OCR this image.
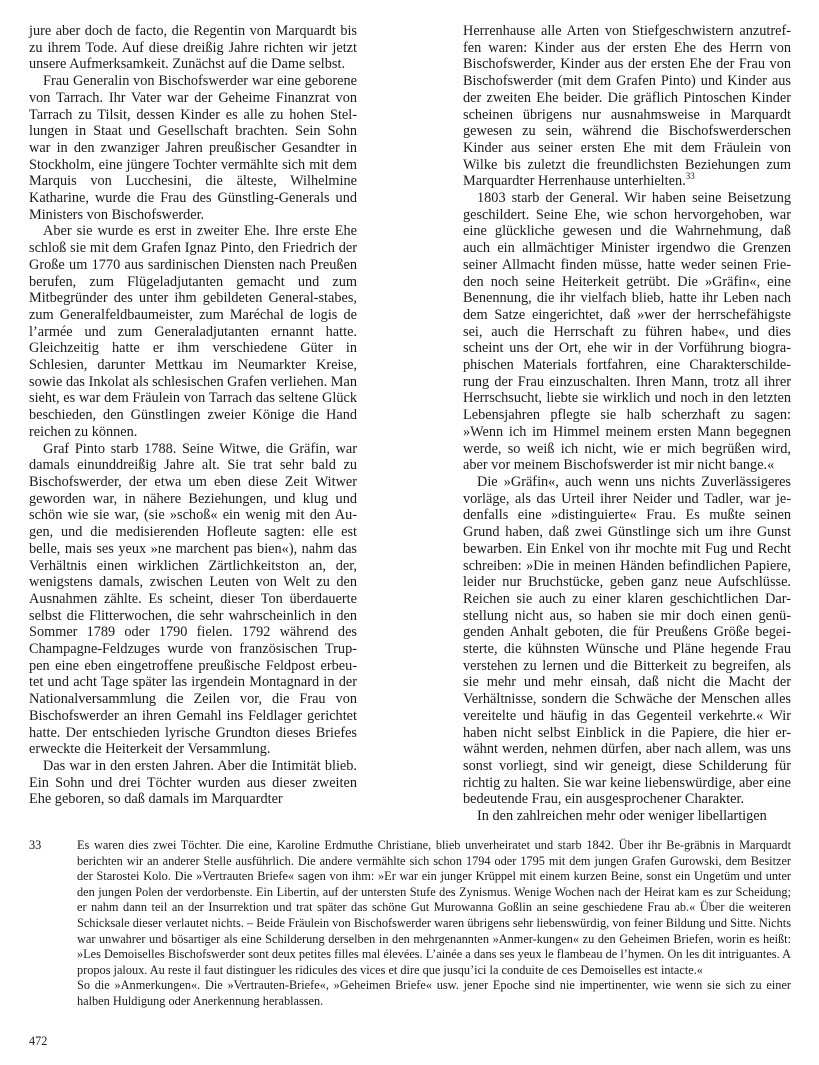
jure aber doch de facto, die Regentin von Marquardt bis zu ihrem Tode. Auf diese dreißig Jahre richten wir jetzt unsere Aufmerksamkeit. Zunächst auf die Dame selbst.

Frau Generalin von Bischofswerder war eine geborene von Tarrach. Ihr Vater war der Geheime Finanzrat von Tarrach zu Tilsit, dessen Kinder es alle zu hohen Stel-lungen in Staat und Gesellschaft brachten. Sein Sohn war in den zwanziger Jahren preußischer Gesandter in Stockholm, eine jüngere Tochter vermählte sich mit dem Marquis von Lucchesini, die älteste, Wilhelmine Katharine, wurde die Frau des Günstling-Generals und Ministers von Bischofswerder.

Aber sie wurde es erst in zweiter Ehe. Ihre erste Ehe schloß sie mit dem Grafen Ignaz Pinto, den Friedrich der Große um 1770 aus sardinischen Diensten nach Preußen berufen, zum Flügeladjutanten gemacht und zum Mitbegründer des unter ihm gebildeten General-stabes, zum Generalfeldbaumeister, zum Maréchal de logis de l’armée und zum Generaladjutanten ernannt hatte. Gleichzeitig hatte er ihm verschiedene Güter in Schlesien, darunter Mettkau im Neumarkter Kreise, sowie das Inkolat als schlesischen Grafen verliehen. Man sieht, es war dem Fräulein von Tarrach das seltene Glück beschieden, den Günstlingen zweier Könige die Hand reichen zu können.

Graf Pinto starb 1788. Seine Witwe, die Gräfin, war damals einunddreißig Jahre alt. Sie trat sehr bald zu Bischofswerder, der etwa um eben diese Zeit Witwer geworden war, in nähere Beziehungen, und klug und schön wie sie war, (sie »schoß« ein wenig mit den Au-gen, und die medisierenden Hofleute sagten: elle est belle, mais ses yeux »ne marchent pas bien«), nahm das Verhältnis einen wirklichen Zärtlichkeitston an, der, wenigstens damals, zwischen Leuten von Welt zu den Ausnahmen zählte. Es scheint, dieser Ton überdauerte selbst die Flitterwochen, die sehr wahrscheinlich in den Sommer 1789 oder 1790 fielen. 1792 während des Champagne-Feldzuges wurde von französischen Trup-pen eine eben eingetroffene preußische Feldpost erbeu-tet und acht Tage später las irgendein Montagnard in der Nationalversammlung die Zeilen vor, die Frau von Bischofswerder an ihren Gemahl ins Feldlager gerichtet hatte. Der entschieden lyrische Grundton dieses Briefes erweckte die Heiterkeit der Versammlung.

Das war in den ersten Jahren. Aber die Intimität blieb. Ein Sohn und drei Töchter wurden aus dieser zweiten Ehe geboren, so daß damals im Marquardter

Herrenhause alle Arten von Stiefgeschwistern anzutref-fen waren: Kinder aus der ersten Ehe des Herrn von Bischofswerder, Kinder aus der ersten Ehe der Frau von Bischofswerder (mit dem Grafen Pinto) und Kinder aus der zweiten Ehe beider. Die gräflich Pintoschen Kinder scheinen übrigens nur ausnahmsweise in Marquardt gewesen zu sein, während die Bischofswerderschen Kinder aus seiner ersten Ehe mit dem Fräulein von Wilke bis zuletzt die freundlichsten Beziehungen zum Marquardter Herrenhause unterhielten.$^{33}$

1803 starb der General. Wir haben seine Beisetzung geschildert. Seine Ehe, wie schon hervorgehoben, war eine glückliche gewesen und die Wahrnehmung, daß auch ein allmächtiger Minister irgendwo die Grenzen seiner Allmacht finden müsse, hatte weder seinen Frie-den noch seine Heiterkeit getrübt. Die »Gräfin«, eine Benennung, die ihr vielfach blieb, hatte ihr Leben nach dem Satze eingerichtet, daß »wer der herrschefähigste sei, auch die Herrschaft zu führen habe«, und dies scheint uns der Ort, ehe wir in der Vorführung biogra-phischen Materials fortfahren, eine Charakterschilde-rung der Frau einzuschalten. Ihren Mann, trotz all ihrer Herrschsucht, liebte sie wirklich und noch in den letzten Lebensjahren pflegte sie halb scherzhaft zu sagen: »Wenn ich im Himmel meinem ersten Mann begegnen werde, so weiß ich nicht, wie er mich begrüßen wird, aber vor meinem Bischofswerder ist mir nicht bange.«

Die »Gräfin«, auch wenn uns nichts Zuverlässigeres vorläge, als das Urteil ihrer Neider und Tadler, war je-denfalls eine »distinguierte« Frau. Es mußte seinen Grund haben, daß zwei Günstlinge sich um ihre Gunst bewarben. Ein Enkel von ihr mochte mit Fug und Recht schreiben: »Die in meinen Händen befindlichen Papiere, leider nur Bruchstücke, geben ganz neue Aufschlüsse. Reichen sie auch zu einer klaren geschichtlichen Dar-stellung nicht aus, so haben sie mir doch einen genü-genden Anhalt geboten, die für Preußens Größe begei-sterte, die kühnsten Wünsche und Pläne hegende Frau verstehen zu lernen und die Bitterkeit zu begreifen, als sie mehr und mehr einsah, daß nicht die Macht der Verhältnisse, sondern die Schwäche der Menschen alles vereitelte und häufig in das Gegenteil verkehrte.« Wir haben nicht selbst Einblick in die Papiere, die hier er-wähnt werden, nehmen dürfen, aber nach allem, was uns sonst vorliegt, sind wir geneigt, diese Schilderung für richtig zu halten. Sie war keine liebenswürdige, aber eine bedeutende Frau, ein ausgesprochener Charakter.

In den zahlreichen mehr oder weniger libellartigen

33	Es waren dies zwei Töchter. Die eine, Karoline Erdmuthe Christiane, blieb unverheiratet und starb 1842. Über ihr Be-gräbnis in Marquardt berichten wir an anderer Stelle ausführlich. Die andere vermählte sich schon 1794 oder 1795 mit dem jungen Grafen Gurowski, dem Besitzer der Starostei Kolo. Die »Vertrauten Briefe« sagen von ihm: »Er war ein junger Krüppel mit einem kurzen Beine, sonst ein Ungetüm und unter den jungen Polen der verdorbenste. Ein Libertin, auf der untersten Stufe des Zynismus. Wenige Wochen nach der Heirat kam es zur Scheidung; er nahm dann teil an der Insurrektion und trat später das schöne Gut Murowanna Goßlin an seine geschiedene Frau ab.« Über die weiteren Schicksale dieser verlautet nichts. – Beide Fräulein von Bischofswerder waren übrigens sehr liebenswürdig, von feiner Bildung und Sitte. Nichts war unwahrer und bösartiger als eine Schilderung derselben in den mehrgenannten »Anmer-kungen« zu den Geheimen Briefen, worin es heißt: »Les Demoiselles Bischofswerder sont deux petites filles mal élevées. L’ainée a dans ses yeux le flambeau de l’hymen. On les dit intriguantes. A propos jaloux. Au reste il faut distinguer les ridicules des vices et dire que jusqu’ici la conduite de ces Demoiselles est intacte.«

So die »Anmerkungen«. Die »Vertrauten-Briefe«, »Geheimen Briefe« usw. jener Epoche sind nie impertinenter, wie wenn sie sich zu einer halben Huldigung oder Anerkennung herablassen.

472
